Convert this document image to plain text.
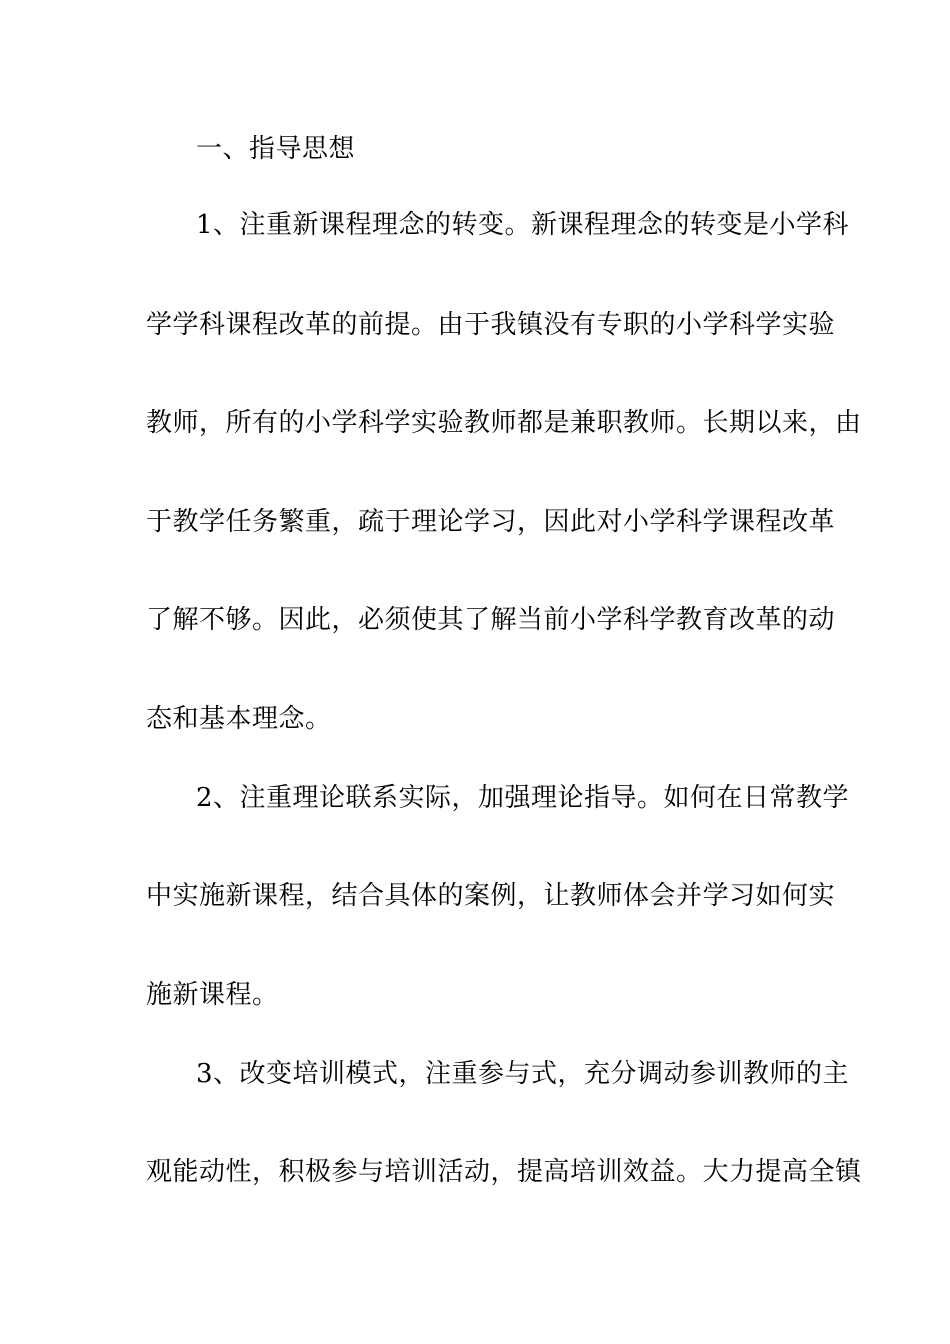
一、指导思想
1、注重新课程理念的转变。新课程理念的转变是小学科
学学科课程改革的前提。由于我镇没有专职的小学科学实验
教师，所有的小学科学实验教师都是兼职教师。长期以来，由
于教学任务繁重，疏于理论学习，因此对小学科学课程改革
了解不够。因此，必须使其了解当前小学科学教育改革的动
态和基本理念。
2、注重理论联系实际，加强理论指导。如何在日常教学
中实施新课程，结合具体的案例，让教师体会并学习如何实
施新课程。
3、改变培训模式，注重参与式，充分调动参训教师的主
观能动性，积极参与培训活动，提高培训效益。大力提高全镇
